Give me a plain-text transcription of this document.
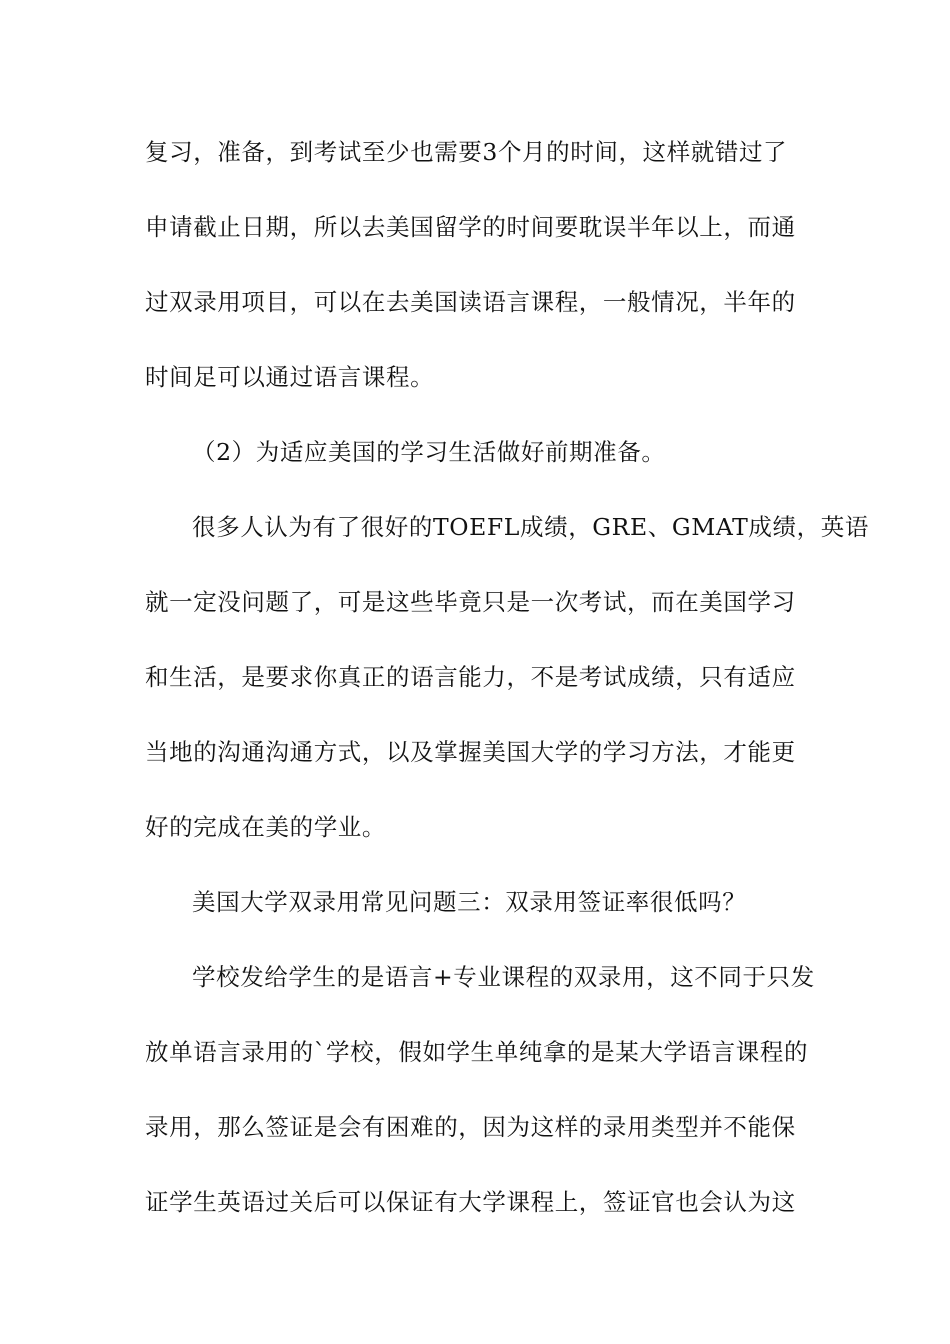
复习，准备，到考试至少也需要3个月的时间，这样就错过了
申请截止日期，所以去美国留学的时间要耽误半年以上，而通
过双录用项目，可以在去美国读语言课程，一般情况，半年的
时间足可以通过语言课程。
（2）为适应美国的学习生活做好前期准备。
很多人认为有了很好的TOEFL成绩，GRE、GMAT成绩，英语
就一定没问题了，可是这些毕竟只是一次考试，而在美国学习
和生活，是要求你真正的语言能力，不是考试成绩，只有适应
当地的沟通沟通方式，以及掌握美国大学的学习方法，才能更
好的完成在美的学业。
美国大学双录用常见问题三：双录用签证率很低吗？
学校发给学生的是语言+专业课程的双录用，这不同于只发
放单语言录用的`学校，假如学生单纯拿的是某大学语言课程的
录用，那么签证是会有困难的，因为这样的录用类型并不能保
证学生英语过关后可以保证有大学课程上，签证官也会认为这
